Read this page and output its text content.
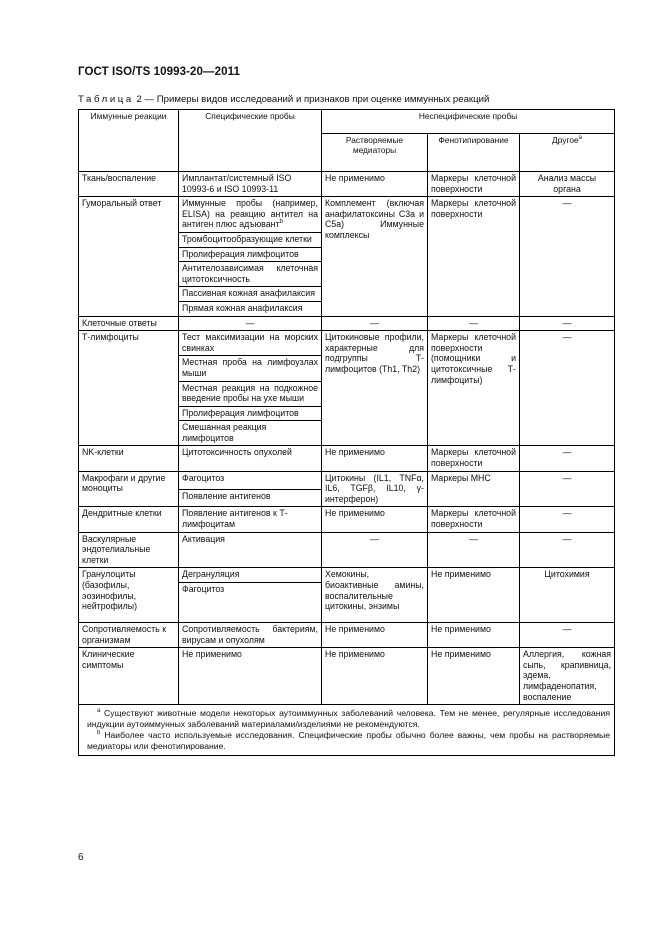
ГОСТ ISO/TS 10993-20—2011
Таблица 2 — Примеры видов исследований и признаков при оценке иммунных реакций
Иммунные реакции	Специфические пробы	Неспецифические пробы		
		Растворяемые медиаторы	Фенотипирование	Другое$^a$
Ткань/воспаление	Имплантат/системный ISO 10993-6 и ISO 10993-11	Не применимо	Маркеры клеточной поверхности	Анализ массы органа
Гуморальный ответ	Иммунные пробы (например, ELISA) на реакцию антител на антиген плюс адъювант$^b$	Комплемент (включая анафилатоксины С3а и С5а) Иммунные комплексы	Маркеры клеточной поверхности	—
	Тромбоцитообразующие клетки			
	Пролиферация лимфоцитов			
	Антителозависимая клеточная цитотоксичность			
	Пассивная кожная анафилаксия			
	Прямая кожная анафилаксия			
Клеточные ответы	—	—	—	—
Т-лимфоциты	Тест максимизации на морских свинках	Цитокиновые профили, характерные для подгруппы Т-лимфоцитов (Th1, Th2)	Маркеры клеточной поверхности (помощники и цитотоксичные Т-лимфоциты)	—
	Местная проба на лимфоузлах мыши			
	Местная реакция на подкожное введение пробы на ухе мыши			
	Пролиферация лимфоцитов			
	Смешанная реакция лимфоцитов			
NK-клетки	Цитотоксичность опухолей	Не применимо	Маркеры клеточной поверхности	—
Макрофаги и другие моноциты	Фагоцитоз	Цитокины (IL1, TNFα, IL6, TGFβ, IL10, γ-интерферон)	Маркеры МНС	—
	Появление антигенов			
Дендритные клетки	Появление антигенов к Т-лимфоцитам	Не применимо	Маркеры клеточной поверхности	—
Васкулярные эндотелиальные клетки	Активация	—	—	—
Гранулоциты (базофилы, эозинофилы, нейтрофилы)	Дегрануляция	Хемокины, биоактивные амины, воспалительные цитокины, энзимы	Не применимо	Цитохимия
	Фагоцитоз			
Сопротивляемость к организмам	Сопротивляемость бактериям, вирусам и опухолям	Не применимо	Не применимо	—
Клинические симптомы	Не применимо	Не применимо	Не применимо	Аллергия, кожная сыпь, крапивница, эдема, лимфаденопатия, воспаление

$^a$ Существуют животные модели некоторых аутоиммунных заболеваний человека. Тем не менее, регулярные исследования индукции аутоиммунных заболеваний материалами/изделиями не рекомендуются.

$^b$ Наиболее часто используемые исследования. Специфические пробы обычно более важны, чем пробы на растворяемые медиаторы или фенотипирование.				

6
